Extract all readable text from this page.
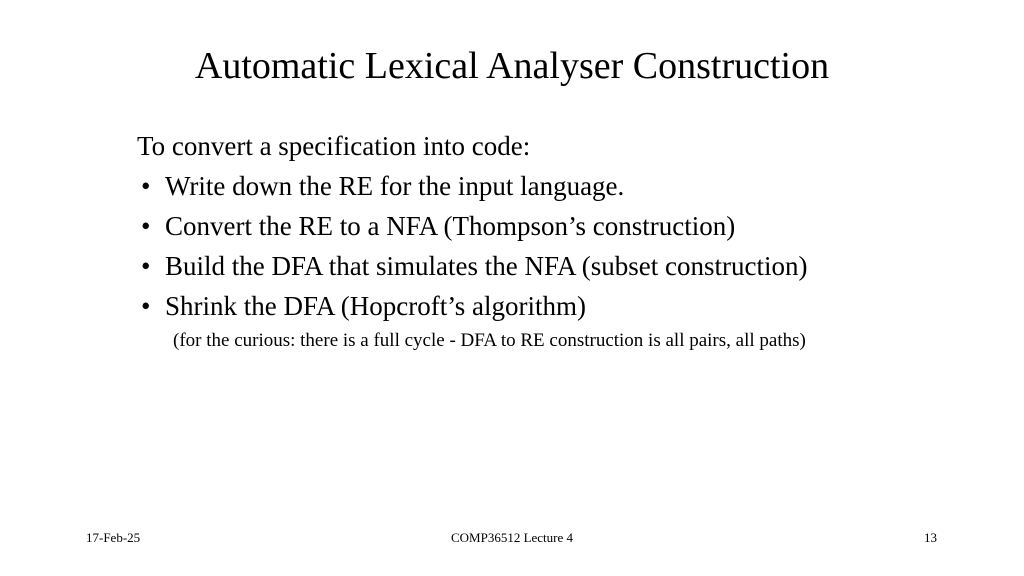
Automatic Lexical Analyser Construction
To convert a specification into code:
• Write down the RE for the input language.
• Convert the RE to a NFA (Thompson’s construction)
• Build the DFA that simulates the NFA (subset construction)
• Shrink the DFA (Hopcroft’s algorithm)
(for the curious: there is a full cycle - DFA to RE construction is all pairs, all paths)
17-Feb-25	COMP36512 Lecture 4	13
